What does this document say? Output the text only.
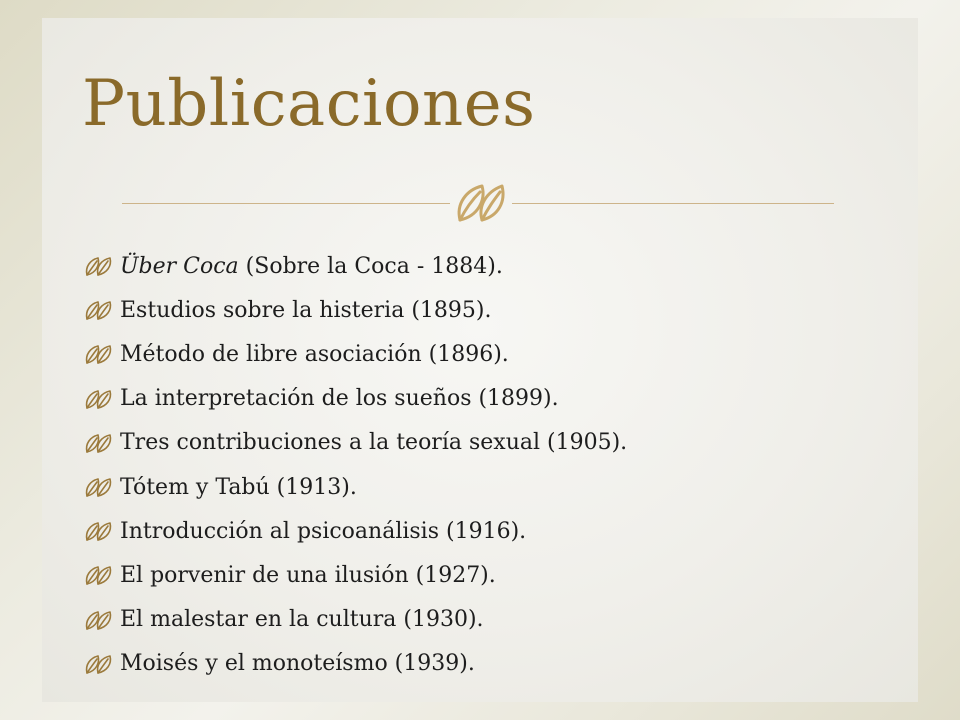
Publicaciones
Über Coca (Sobre la Coca - 1884).
Estudios sobre la histeria (1895).
Método de libre asociación (1896).
La interpretación de los sueños (1899).
Tres contribuciones a la teoría sexual (1905).
Tótem y Tabú (1913).
Introducción al psicoanálisis (1916).
El porvenir de una ilusión (1927).
El malestar en la cultura (1930).
Moisés y el monoteísmo (1939).
